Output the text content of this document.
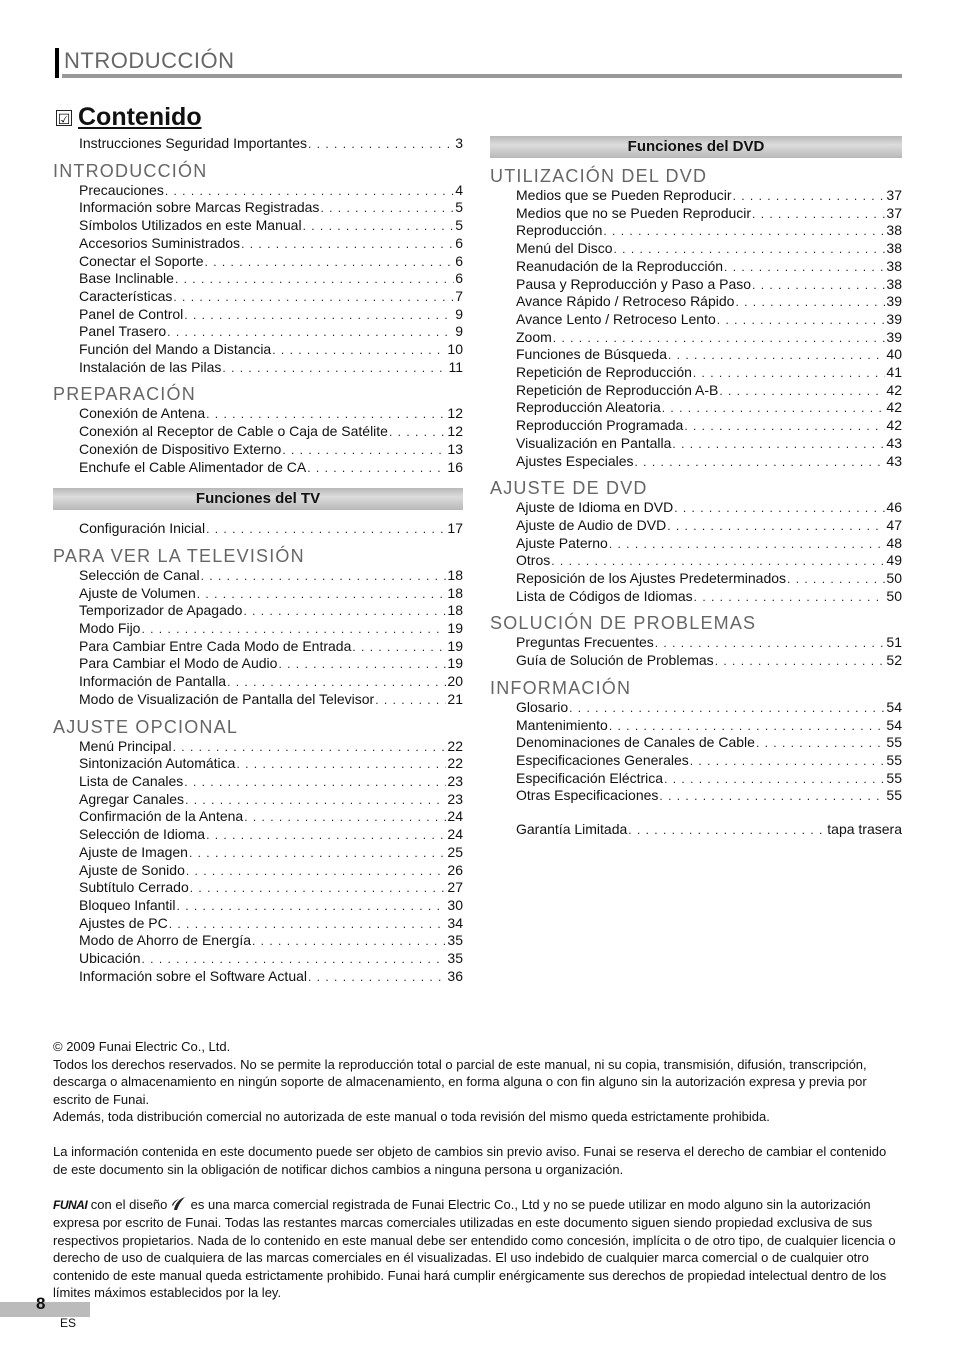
NTRODUCCIÓN
☑ Contenido
Instrucciones Seguridad Importantes . . .	3
INTRODUCCIÓN
Precauciones . . .	4
Información sobre Marcas Registradas . . .	5
Símbolos Utilizados en este Manual . . .	5
Accesorios Suministrados . . .	6
Conectar el Soporte . . .	6
Base Inclinable . . .	6
Características . . .	7
Panel de Control . . .	9
Panel Trasero . . .	9
Función del Mando a Distancia . . .	10
Instalación de las Pilas . . .	11
PREPARACIÓN
Conexión de Antena . . .	12
Conexión al Receptor de Cable o Caja de Satélite . . .	12
Conexión de Dispositivo Externo . . .	13
Enchufe el Cable Alimentador de CA . . .	16
Funciones del TV
Configuración Inicial . . .	17
PARA VER LA TELEVISIÓN
Selección de Canal . . .	18
Ajuste de Volumen . . .	18
Temporizador de Apagado . . .	18
Modo Fijo . . .	19
Para Cambiar Entre Cada Modo de Entrada . . .	19
Para Cambiar el Modo de Audio . . .	19
Información de Pantalla . . .	20
Modo de Visualización de Pantalla del Televisor . . .	21
AJUSTE OPCIONAL
Menú Principal . . .	22
Sintonización Automática . . .	22
Lista de Canales . . .	23
Agregar Canales . . .	23
Confirmación de la Antena . . .	24
Selección de Idioma . . .	24
Ajuste de Imagen . . .	25
Ajuste de Sonido . . .	26
Subtítulo Cerrado . . .	27
Bloqueo Infantil . . .	30
Ajustes de PC . . .	34
Modo de Ahorro de Energía . . .	35
Ubicación . . .	35
Información sobre el Software Actual . . .	36
Funciones del DVD
UTILIZACIÓN DEL DVD
Medios que se Pueden Reproducir . . .	37
Medios que no se Pueden Reproducir . . .	37
Reproducción . . .	38
Menú del Disco . . .	38
Reanudación de la Reproducción . . .	38
Pausa y Reproducción y Paso a Paso . . .	38
Avance Rápido / Retroceso Rápido . . .	39
Avance Lento / Retroceso Lento . . .	39
Zoom . . .	39
Funciones de Búsqueda . . .	40
Repetición de Reproducción . . .	41
Repetición de Reproducción A-B . . .	42
Reproducción Aleatoria . . .	42
Reproducción Programada . . .	42
Visualización en Pantalla . . .	43
Ajustes Especiales . . .	43
AJUSTE DE DVD
Ajuste de Idioma en DVD . . .	46
Ajuste de Audio de DVD . . .	47
Ajuste Paterno . . .	48
Otros . . .	49
Reposición de los Ajustes Predeterminados . . .	50
Lista de Códigos de Idiomas . . .	50
SOLUCIÓN DE PROBLEMAS
Preguntas Frecuentes . . .	51
Guía de Solución de Problemas . . .	52
INFORMACIÓN
Glosario . . .	54
Mantenimiento . . .	54
Denominaciones de Canales de Cable . . .	55
Especificaciones Generales . . .	55
Especificación Eléctrica . . .	55
Otras Especificaciones . . .	55
Garantía Limitada . . .	tapa trasera

© 2009 Funai Electric Co., Ltd.

Todos los derechos reservados. No se permite la reproducción total o parcial de este manual, ni su copia, transmisión, difusión, transcripción, descarga o almacenamiento en ningún soporte de almacenamiento, en forma alguna o con fin alguno sin la autorización expresa y previa por escrito de Funai.

Además, toda distribución comercial no autorizada de este manual o toda revisión del mismo queda estrictamente prohibida.

La información contenida en este documento puede ser objeto de cambios sin previo aviso. Funai se reserva el derecho de cambiar el contenido de este documento sin la obligación de notificar dichos cambios a ninguna persona u organización.

FUNAI con el diseño  es una marca comercial registrada de Funai Electric Co., Ltd y no se puede utilizar en modo alguno sin la autorización expresa por escrito de Funai. Todas las restantes marcas comerciales utilizadas en este documento siguen siendo propiedad exclusiva de sus respectivos propietarios. Nada de lo contenido en este manual debe ser entendido como concesión, implícita o de otro tipo, de cualquier licencia o derecho de uso de cualquiera de las marcas comerciales en él visualizadas. El uso indebido de cualquier marca comercial o de cualquier otro contenido de este manual queda estrictamente prohibido. Funai hará cumplir enérgicamente sus derechos de propiedad intelectual dentro de los límites máximos establecidos por la ley.

8
ES
